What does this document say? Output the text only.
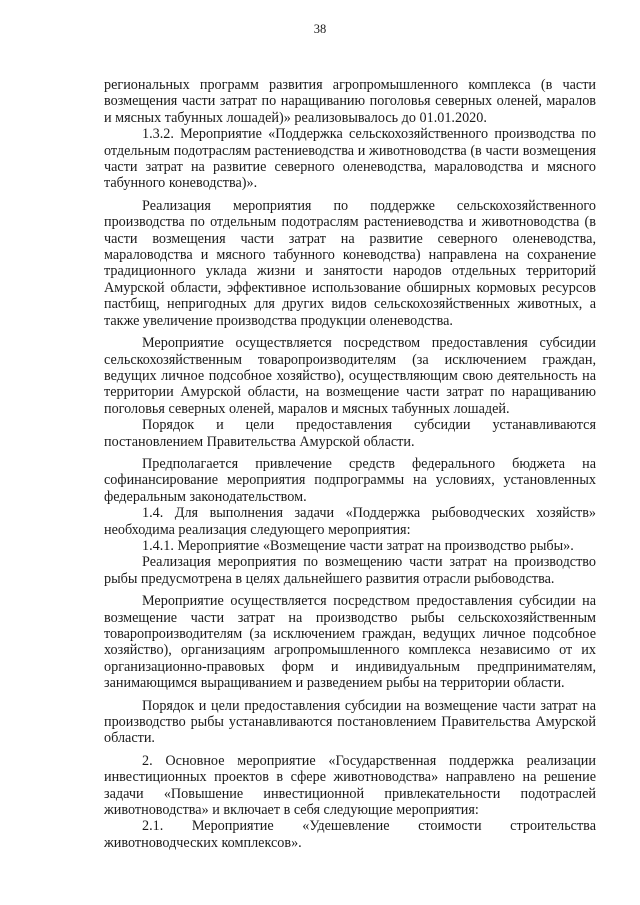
38

региональных программ развития агропромышленного комплекса (в части возмещения части затрат по наращиванию поголовья северных оленей, маралов и мясных табунных лошадей)» реализовывалось до 01.01.2020.

1.3.2. Мероприятие «Поддержка сельскохозяйственного производства по отдельным подотраслям растениеводства и животноводства (в части возмещения части затрат на развитие северного оленеводства, мараловодства и мясного табунного коневодства)».

Реализация мероприятия по поддержке сельскохозяйственного производства по отдельным подотраслям растениеводства и животноводства (в части возмещения части затрат на развитие северного оленеводства, мараловодства и мясного табунного коневодства) направлена на сохранение традиционного уклада жизни и занятости народов отдельных территорий Амурской области, эффективное использование обширных кормовых ресурсов пастбищ, непригодных для других видов сельскохозяйственных животных, а также увеличение производства продукции оленеводства.

Мероприятие осуществляется посредством предоставления субсидии сельскохозяйственным товаропроизводителям (за исключением граждан, ведущих личное подсобное хозяйство), осуществляющим свою деятельность на территории Амурской области, на возмещение части затрат по наращиванию поголовья северных оленей, маралов и мясных табунных лошадей.

Порядок и цели предоставления субсидии устанавливаются постановлением Правительства Амурской области.

Предполагается привлечение средств федерального бюджета на софинансирование мероприятия подпрограммы на условиях, установленных федеральным законодательством.

1.4. Для выполнения задачи «Поддержка рыбоводческих хозяйств» необходима реализация следующего мероприятия:

1.4.1. Мероприятие «Возмещение части затрат на производство рыбы».

Реализация мероприятия по возмещению части затрат на производство рыбы предусмотрена в целях дальнейшего развития отрасли рыбоводства.

Мероприятие осуществляется посредством предоставления субсидии на возмещение части затрат на производство рыбы сельскохозяйственным товаропроизводителям (за исключением граждан, ведущих личное подсобное хозяйство), организациям агропромышленного комплекса независимо от их организационно-правовых форм и индивидуальным предпринимателям, занимающимся выращиванием и разведением рыбы на территории области.

Порядок и цели предоставления субсидии на возмещение части затрат на производство рыбы устанавливаются постановлением Правительства Амурской области.

2. Основное мероприятие «Государственная поддержка реализации инвестиционных проектов в сфере животноводства» направлено на решение задачи «Повышение инвестиционной привлекательности подотраслей животноводства» и включает в себя следующие мероприятия:

2.1. Мероприятие «Удешевление стоимости строительства животноводческих комплексов».
